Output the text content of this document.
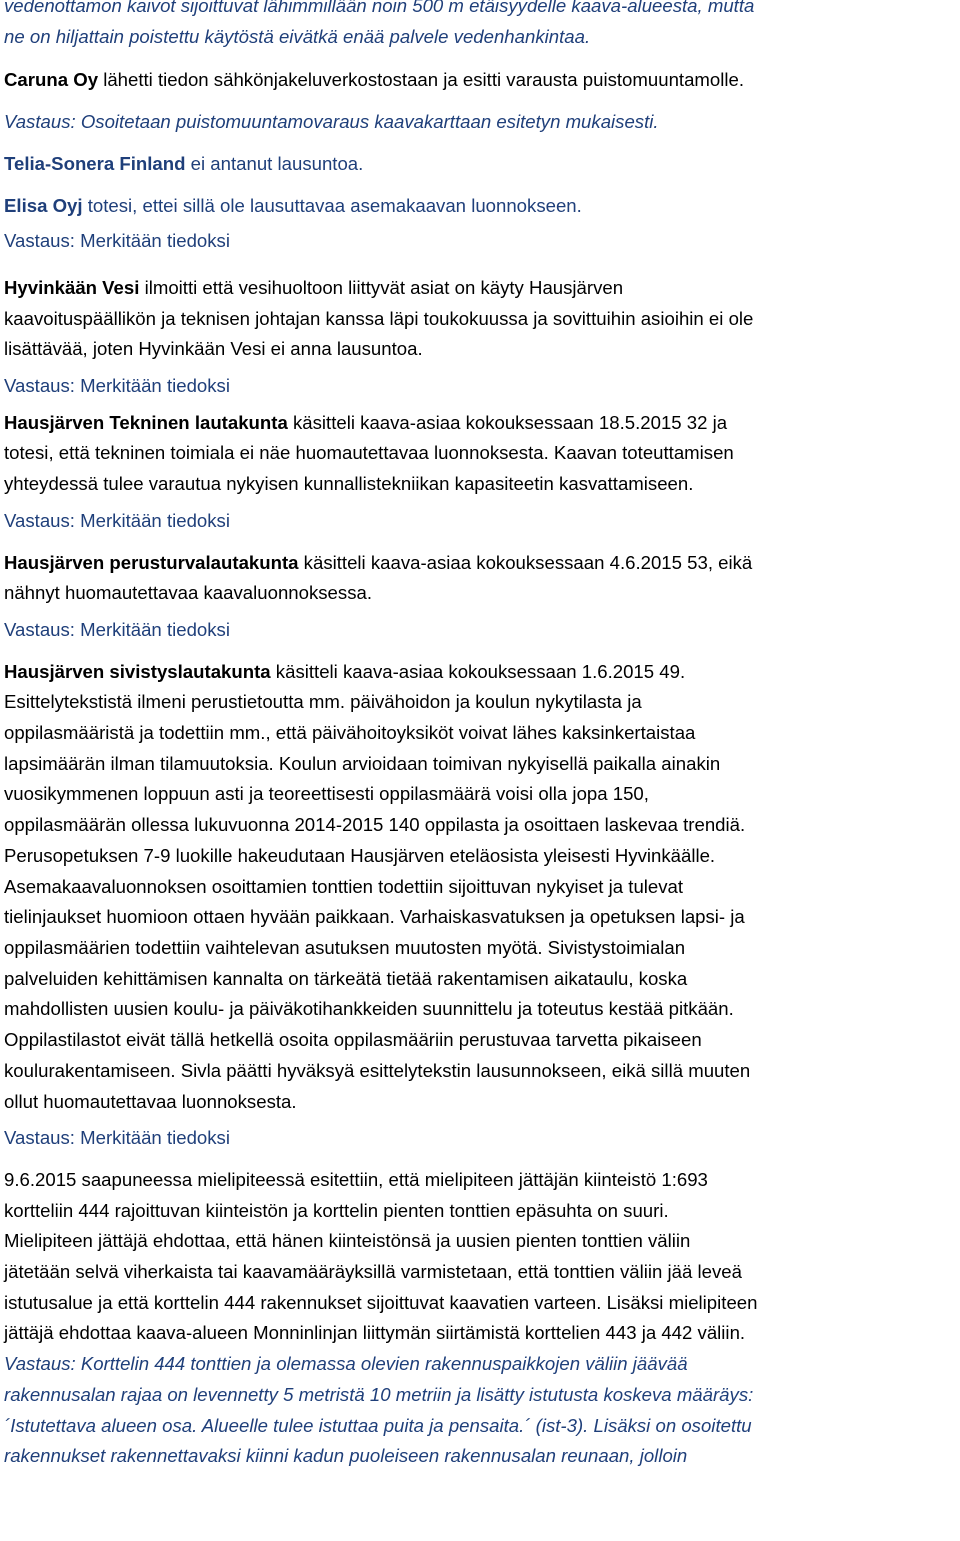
vedenottamon kaivot sijoittuvat lähimmillään noin 500 m etäisyydelle kaava-alueesta, mutta
ne on hiljattain poistettu käytöstä eivätkä enää palvele vedenhankintaa.
Caruna Oy lähetti tiedon sähkönjakeluverkostostaan ja esitti varausta puistomuuntamolle.
Vastaus: Osoitetaan puistomuuntamovaraus kaavakarttaan esitetyn mukaisesti.
Telia-Sonera Finland ei antanut lausuntoa.
Elisa Oyj totesi, ettei sillä ole lausuttavaa asemakaavan luonnokseen.
Vastaus: Merkitään tiedoksi
Hyvinkään Vesi ilmoitti että vesihuoltoon liittyvät asiat on käyty Hausjärven
kaavoituspäällikön ja teknisen johtajan kanssa läpi toukokuussa ja sovittuihin asioihin ei ole
lisättävää, joten Hyvinkään Vesi ei anna lausuntoa.
Vastaus: Merkitään tiedoksi
Hausjärven Tekninen lautakunta käsitteli kaava-asiaa kokouksessaan 18.5.2015 32 ja
totesi, että tekninen toimiala ei näe huomautettavaa luonnoksesta. Kaavan toteuttamisen
yhteydessä tulee varautua nykyisen kunnallistekniikan kapasiteetin kasvattamiseen.
Vastaus: Merkitään tiedoksi
Hausjärven perusturvalautakunta käsitteli kaava-asiaa kokouksessaan 4.6.2015 53, eikä
nähnyt huomautettavaa kaavaluonnoksessa.
Vastaus: Merkitään tiedoksi
Hausjärven sivistyslautakunta käsitteli kaava-asiaa kokouksessaan 1.6.2015 49.
Esittelytekstistä ilmeni perustietoutta mm. päivähoidon ja koulun nykytilasta ja
oppilasmääristä ja todettiin mm., että päivähoitoyksiköt voivat lähes kaksinkertaistaa
lapsimäärän ilman tilamuutoksia. Koulun arvioidaan toimivan nykyisellä paikalla ainakin
vuosikymmenen loppuun asti ja teoreettisesti oppilasmäärä voisi olla jopa 150,
oppilasmäärän ollessa lukuvuonna 2014-2015 140 oppilasta ja osoittaen laskevaa trendiä.
Perusopetuksen 7-9 luokille hakeudutaan Hausjärven eteläosista yleisesti Hyvinkäälle.
Asemakaavaluonnoksen osoittamien tonttien todettiin sijoittuvan nykyiset ja tulevat
tielinjaukset huomioon ottaen hyvään paikkaan. Varhaiskasvatuksen ja opetuksen lapsi- ja
oppilasmäärien todettiin vaihtelevan asutuksen muutosten myötä. Sivistystoimialan
palveluiden kehittämisen kannalta on tärkeätä tietää rakentamisen aikataulu, koska
mahdollisten uusien koulu- ja päiväkotihankkeiden suunnittelu ja toteutus kestää pitkään.
Oppilastilastot eivät tällä hetkellä osoita oppilasmääriin perustuvaa tarvetta pikaiseen
koulurakentamiseen. Sivla päätti hyväksyä esittelytekstin lausunnokseen, eikä sillä muuten
ollut huomautettavaa luonnoksesta.
Vastaus: Merkitään tiedoksi
9.6.2015 saapuneessa mielipiteessä esitettiin, että mielipiteen jättäjän kiinteistö 1:693
kortteliin 444 rajoittuvan kiinteistön ja korttelin pienten tonttien epäsuhta on suuri.
Mielipiteen jättäjä ehdottaa, että hänen kiinteistönsä ja uusien pienten tonttien väliin
jätetään selvä viherkaista tai kaavamääräyksillä varmistetaan, että tonttien väliin jää leveä
istutusalue ja että korttelin 444 rakennukset sijoittuvat kaavatien varteen. Lisäksi mielipiteen
jättäjä ehdottaa kaava-alueen Monninlinjan liittymän siirtämistä korttelien 443 ja 442 väliin.
Vastaus: Korttelin 444 tonttien ja olemassa olevien rakennuspaikkojen väliin jäävää
rakennusalan rajaa on levennetty 5 metristä 10 metriin ja lisätty istutusta koskeva määräys:
´Istutettava alueen osa. Alueelle tulee istuttaa puita ja pensaita.´ (ist-3). Lisäksi on osoitettu
rakennukset rakennettavaksi kiinni kadun puoleiseen rakennusalan reunaan, jolloin
